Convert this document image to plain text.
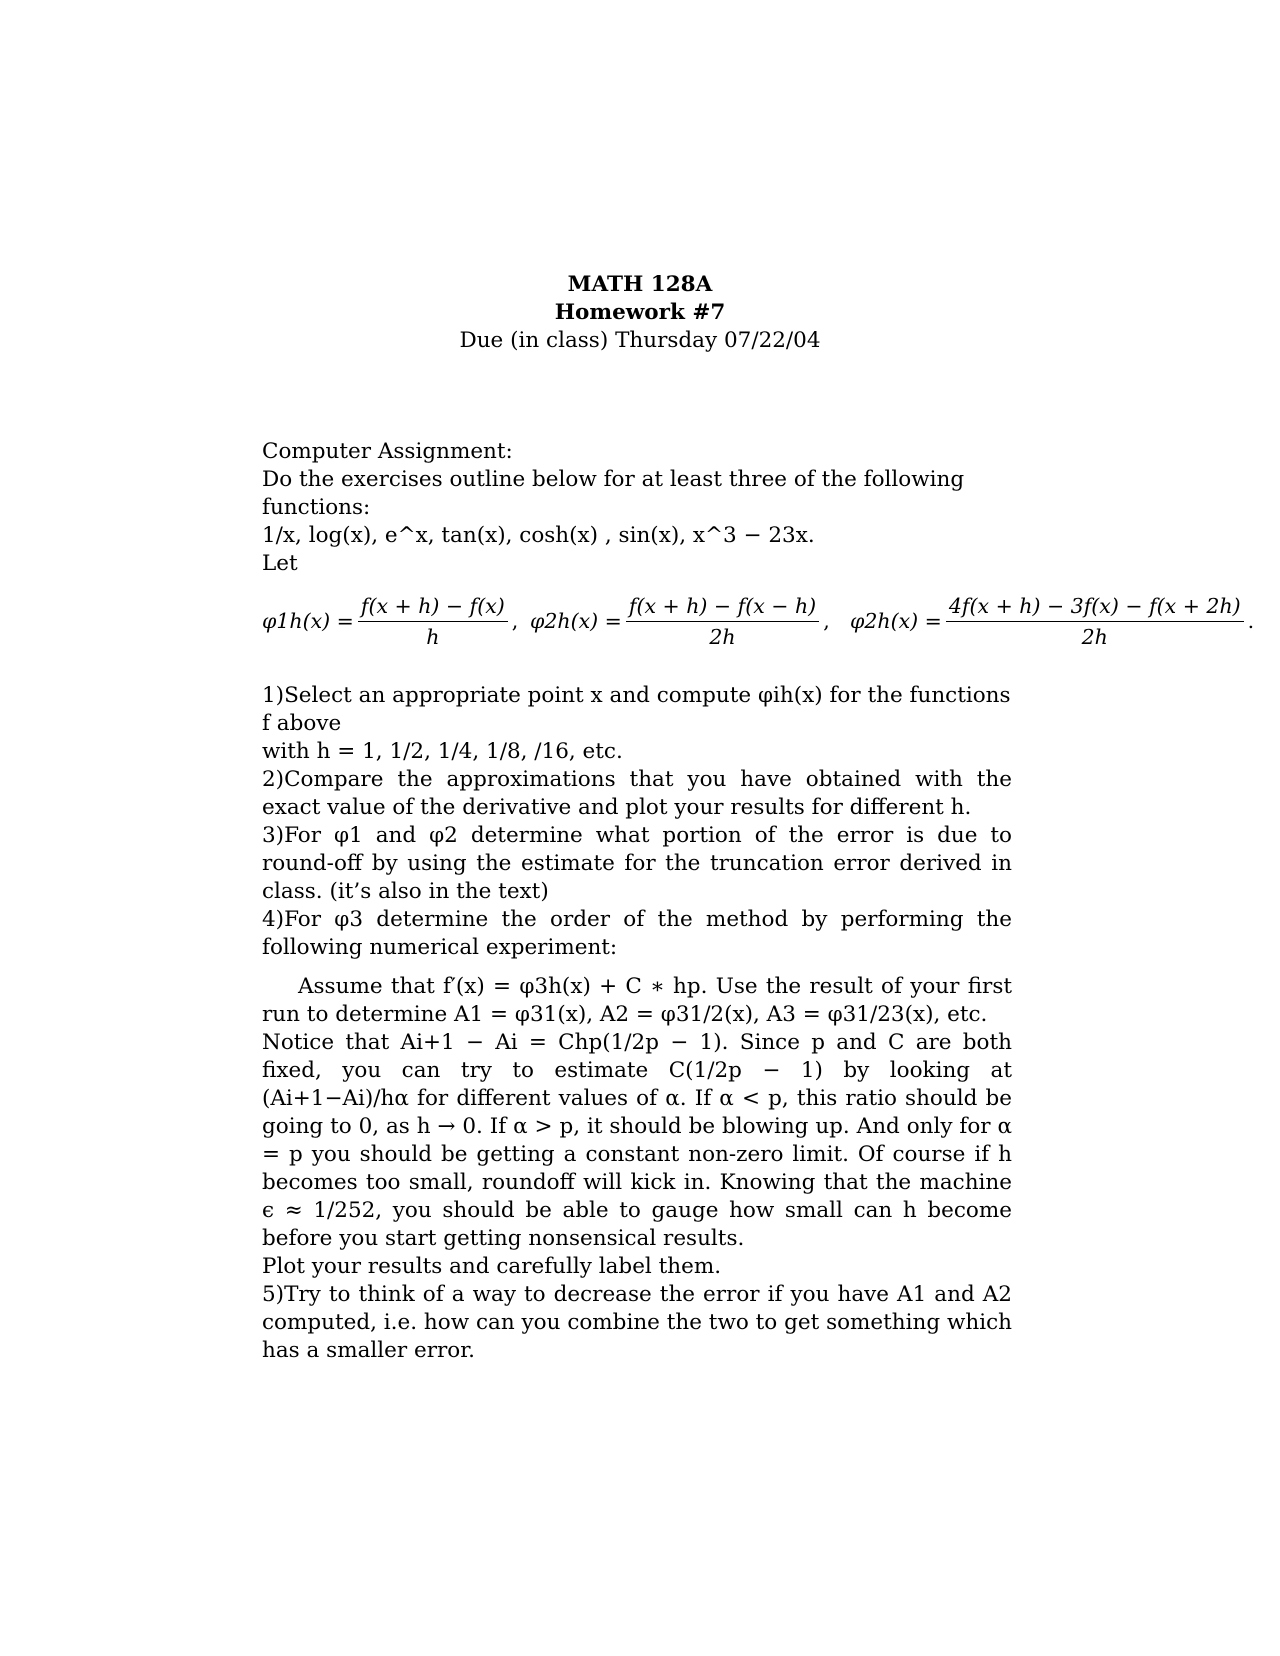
MATH 128A
Homework #7
Due (in class) Thursday 07/22/04

Computer Assignment:

Do the exercises outline below for at least three of the following functions:

1/x, log(x), e^x, tan(x), cosh(x) , sin(x), x^3 − 23x.

Let

$\varphi 1h(x) = \frac{f(x + h) - f(x)}{h}$ , $\varphi 2h(x) = \frac{f(x + h) - f(x - h)}{2h}$ , $\varphi 2h(x) = \frac{4f(x + h) - 3f(x) - f(x + 2h)}{2h}$ .

1)Select an appropriate point x and compute φih(x) for the functions f above

with h = 1, 1/2, 1/4, 1/8, /16, etc.

2)Compare the approximations that you have obtained with the exact value of the derivative and plot your results for different h.

3)For φ1 and φ2 determine what portion of the error is due to round-off by using the estimate for the truncation error derived in class. (it’s also in the text)

4)For φ3 determine the order of the method by performing the following numerical experiment:

Assume that f′(x) = φ3h(x) + C ∗ hp. Use the result of your first run to determine A1 = φ31(x), A2 = φ31/2(x), A3 = φ31/23(x), etc.

Notice that Ai+1 − Ai = Chp(1/2p − 1). Since p and C are both fixed, you can try to estimate C(1/2p − 1) by looking at (Ai+1−Ai)/hα for different values of α. If α < p, this ratio should be going to 0, as h → 0. If α > p, it should be blowing up. And only for α = p you should be getting a constant non-zero limit. Of course if h becomes too small, roundoff will kick in. Knowing that the machine ϵ ≈ 1/252, you should be able to gauge how small can h become before you start getting nonsensical results.

Plot your results and carefully label them.

5)Try to think of a way to decrease the error if you have A1 and A2 computed, i.e. how can you combine the two to get something which has a smaller error.
